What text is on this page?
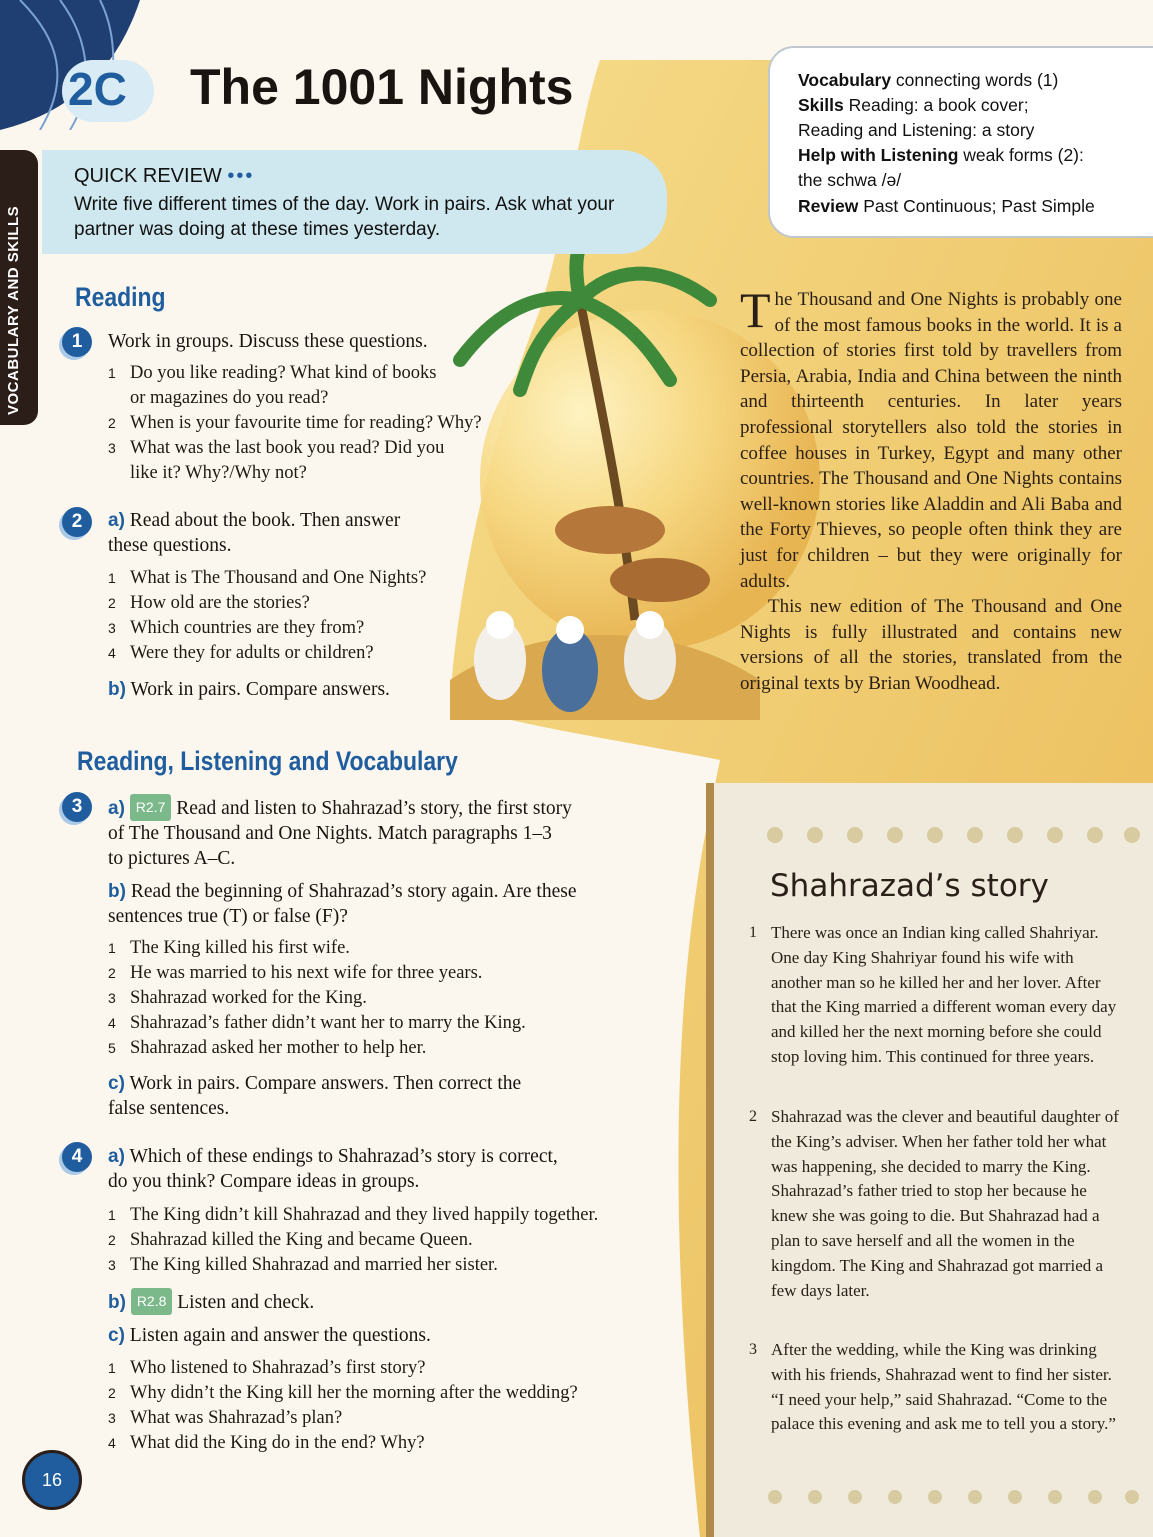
VOCABULARY AND SKILLS
2C The 1001 Nights
QUICK REVIEW •••
Write five different times of the day. Work in pairs. Ask what your partner was doing at these times yesterday.
Vocabulary connecting words (1)
Skills Reading: a book cover;
Reading and Listening: a story
Help with Listening weak forms (2):
the schwa /ə/
Review Past Continuous; Past Simple
Reading
1	Work in groups. Discuss these questions.
1 Do you like reading? What kind of books
or magazines do you read?
2 When is your favourite time for reading? Why?
3 What was the last book you read? Did you
like it? Why?/Why not?
2	a) Read about the book. Then answer
these questions.
1 What is The Thousand and One Nights?
2 How old are the stories?
3 Which countries are they from?
4 Were they for adults or children?
b) Work in pairs. Compare answers.
Reading, Listening and Vocabulary
3	a) R2.7 Read and listen to Shahrazad’s story, the first story
of The Thousand and One Nights. Match paragraphs 1–3
to pictures A–C.
b) Read the beginning of Shahrazad’s story again. Are these
sentences true (T) or false (F)?
1 The King killed his first wife.
2 He was married to his next wife for three years.
3 Shahrazad worked for the King.
4 Shahrazad’s father didn’t want her to marry the King.
5 Shahrazad asked her mother to help her.
c) Work in pairs. Compare answers. Then correct the
false sentences.
4	a) Which of these endings to Shahrazad’s story is correct,
do you think? Compare ideas in groups.
1 The King didn’t kill Shahrazad and they lived happily together.
2 Shahrazad killed the King and became Queen.
3 The King killed Shahrazad and married her sister.
b) R2.8 Listen and check.
c) Listen again and answer the questions.
1 Who listened to Shahrazad’s first story?
2 Why didn’t the King kill her the morning after the wedding?
3 What was Shahrazad’s plan?
4 What did the King do in the end? Why?

The Thousand and One Nights is probably one of the most famous books in the world. It is a collection of stories first told by travellers from Persia, Arabia, India and China between the ninth and thirteenth centuries. In later years professional storytellers also told the stories in coffee houses in Turkey, Egypt and many other countries. The Thousand and One Nights contains well-known stories like Aladdin and Ali Baba and the Forty Thieves, so people often think they are just for children – but they were originally for adults.

This new edition of The Thousand and One Nights is fully illustrated and contains new versions of all the stories, translated from the original texts by Brian Woodhead.

Shahrazad’s story
1 There was once an Indian king called Shahriyar. One day King Shahriyar found his wife with another man so he killed her and her lover. After that the King married a different woman every day and killed her the next morning before she could stop loving him. This continued for three years.
2 Shahrazad was the clever and beautiful daughter of the King’s adviser. When her father told her what was happening, she decided to marry the King. Shahrazad’s father tried to stop her because he knew she was going to die. But Shahrazad had a plan to save herself and all the women in the kingdom. The King and Shahrazad got married a few days later.
3 After the wedding, while the King was drinking with his friends, Shahrazad went to find her sister. “I need your help,” said Shahrazad. “Come to the palace this evening and ask me to tell you a story.”
16
